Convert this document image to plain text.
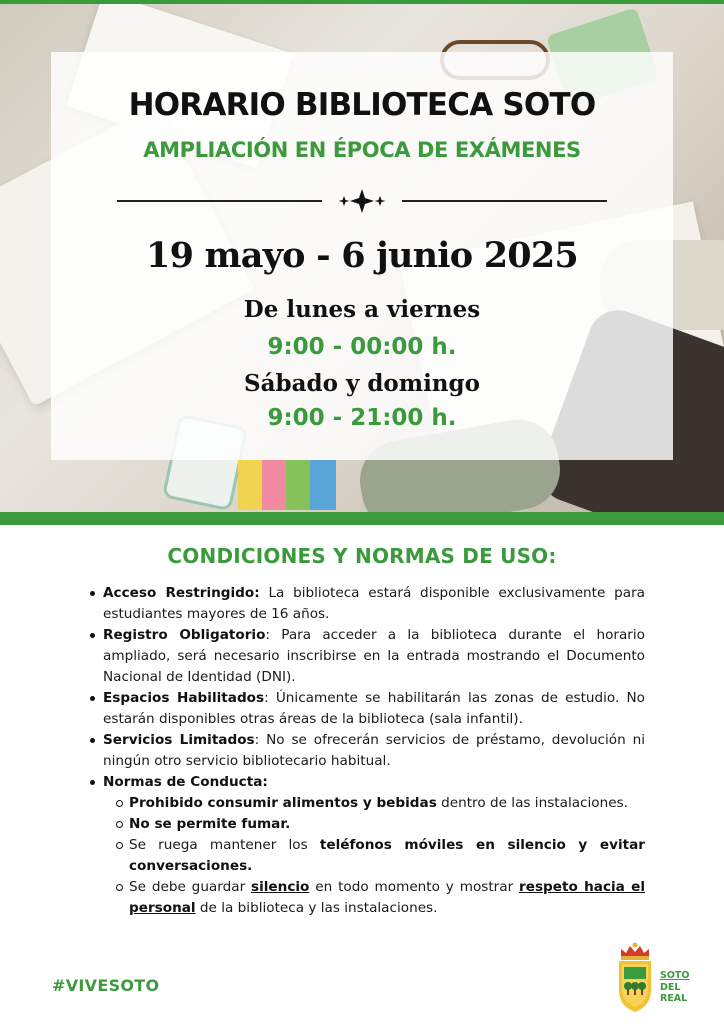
HORARIO BIBLIOTECA SOTO
AMPLIACIÓN EN ÉPOCA DE EXÁMENES
19 mayo - 6 junio 2025
De lunes a viernes
9:00 - 00:00 h.
Sábado y domingo
9:00 - 21:00 h.
CONDICIONES Y NORMAS DE USO:
Acceso Restringido: La biblioteca estará disponible exclusivamente para estudiantes mayores de 16 años.
Registro Obligatorio: Para acceder a la biblioteca durante el horario ampliado, será necesario inscribirse en la entrada mostrando el Documento Nacional de Identidad (DNI).
Espacios Habilitados: Únicamente se habilitarán las zonas de estudio. No estarán disponibles otras áreas de la biblioteca (sala infantil).
Servicios Limitados: No se ofrecerán servicios de préstamo, devolución ni ningún otro servicio bibliotecario habitual.
Normas de Conducta:
Prohibido consumir alimentos y bebidas dentro de las instalaciones.
No se permite fumar.
Se ruega mantener los teléfonos móviles en silencio y evitar conversaciones.
Se debe guardar silencio en todo momento y mostrar respeto hacia el personal de la biblioteca y las instalaciones.
#VIVESOTO
SOTO
DEL
REAL
